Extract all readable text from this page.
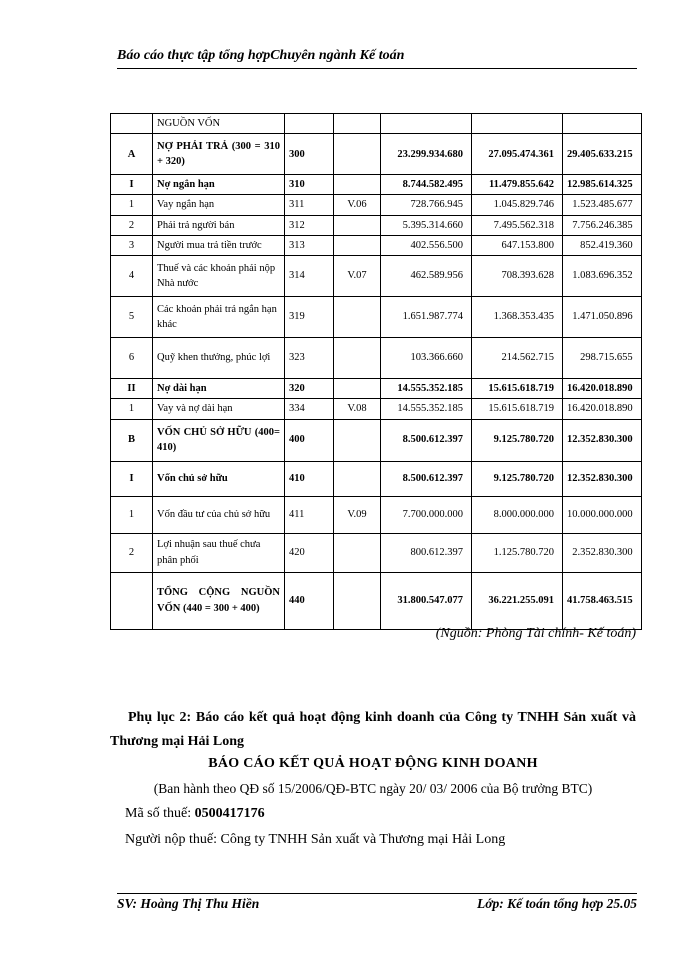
Báo cáo thực tập tổng hợpChuyên ngành Kế toán
	NGUỒN VỐN					
A	NỢ PHẢI TRẢ (300 = 310 + 320)	300		23.299.934.680	27.095.474.361	29.405.633.215
I	Nợ ngắn hạn	310		8.744.582.495	11.479.855.642	12.985.614.325
1	Vay ngắn hạn	311	V.06	728.766.945	1.045.829.746	1.523.485.677
2	Phải trả người bán	312		5.395.314.660	7.495.562.318	7.756.246.385
3	Người mua trả tiền trước	313		402.556.500	647.153.800	852.419.360
4	Thuế và các khoản phải nộp Nhà nước	314	V.07	462.589.956	708.393.628	1.083.696.352
5	Các khoản phải trả ngắn hạn khác	319		1.651.987.774	1.368.353.435	1.471.050.896
6	Quỹ khen thưởng, phúc lợi	323		103.366.660	214.562.715	298.715.655
II	Nợ dài hạn	320		14.555.352.185	15.615.618.719	16.420.018.890
1	Vay và nợ dài hạn	334	V.08	14.555.352.185	15.615.618.719	16.420.018.890
B	VỐN CHỦ SỞ HỮU (400= 410)	400		8.500.612.397	9.125.780.720	12.352.830.300
I	Vốn chủ sở hữu	410		8.500.612.397	9.125.780.720	12.352.830.300
1	Vốn đầu tư của chủ sở hữu	411	V.09	7.700.000.000	8.000.000.000	10.000.000.000
2	Lợi nhuận sau thuế chưa phân phối	420		800.612.397	1.125.780.720	2.352.830.300
	TỔNG CỘNG NGUỒN VỐN (440 = 300 + 400)	440		31.800.547.077	36.221.255.091	41.758.463.515
(Nguồn: Phòng Tài chính- Kế toán)
Phụ lục 2: Báo cáo kết quả hoạt động kinh doanh của Công ty TNHH Sản xuất và Thương mại Hải Long
BÁO CÁO KẾT QUẢ HOẠT ĐỘNG KINH DOANH
(Ban hành theo QĐ số 15/2006/QĐ-BTC ngày 20/ 03/ 2006 của Bộ trưởng BTC)
Mã số thuế: 0500417176
Người nộp thuế: Công ty TNHH Sản xuất và Thương mại Hải Long
SV: Hoàng Thị Thu Hiền	Lớp: Kế toán tổng hợp 25.05
